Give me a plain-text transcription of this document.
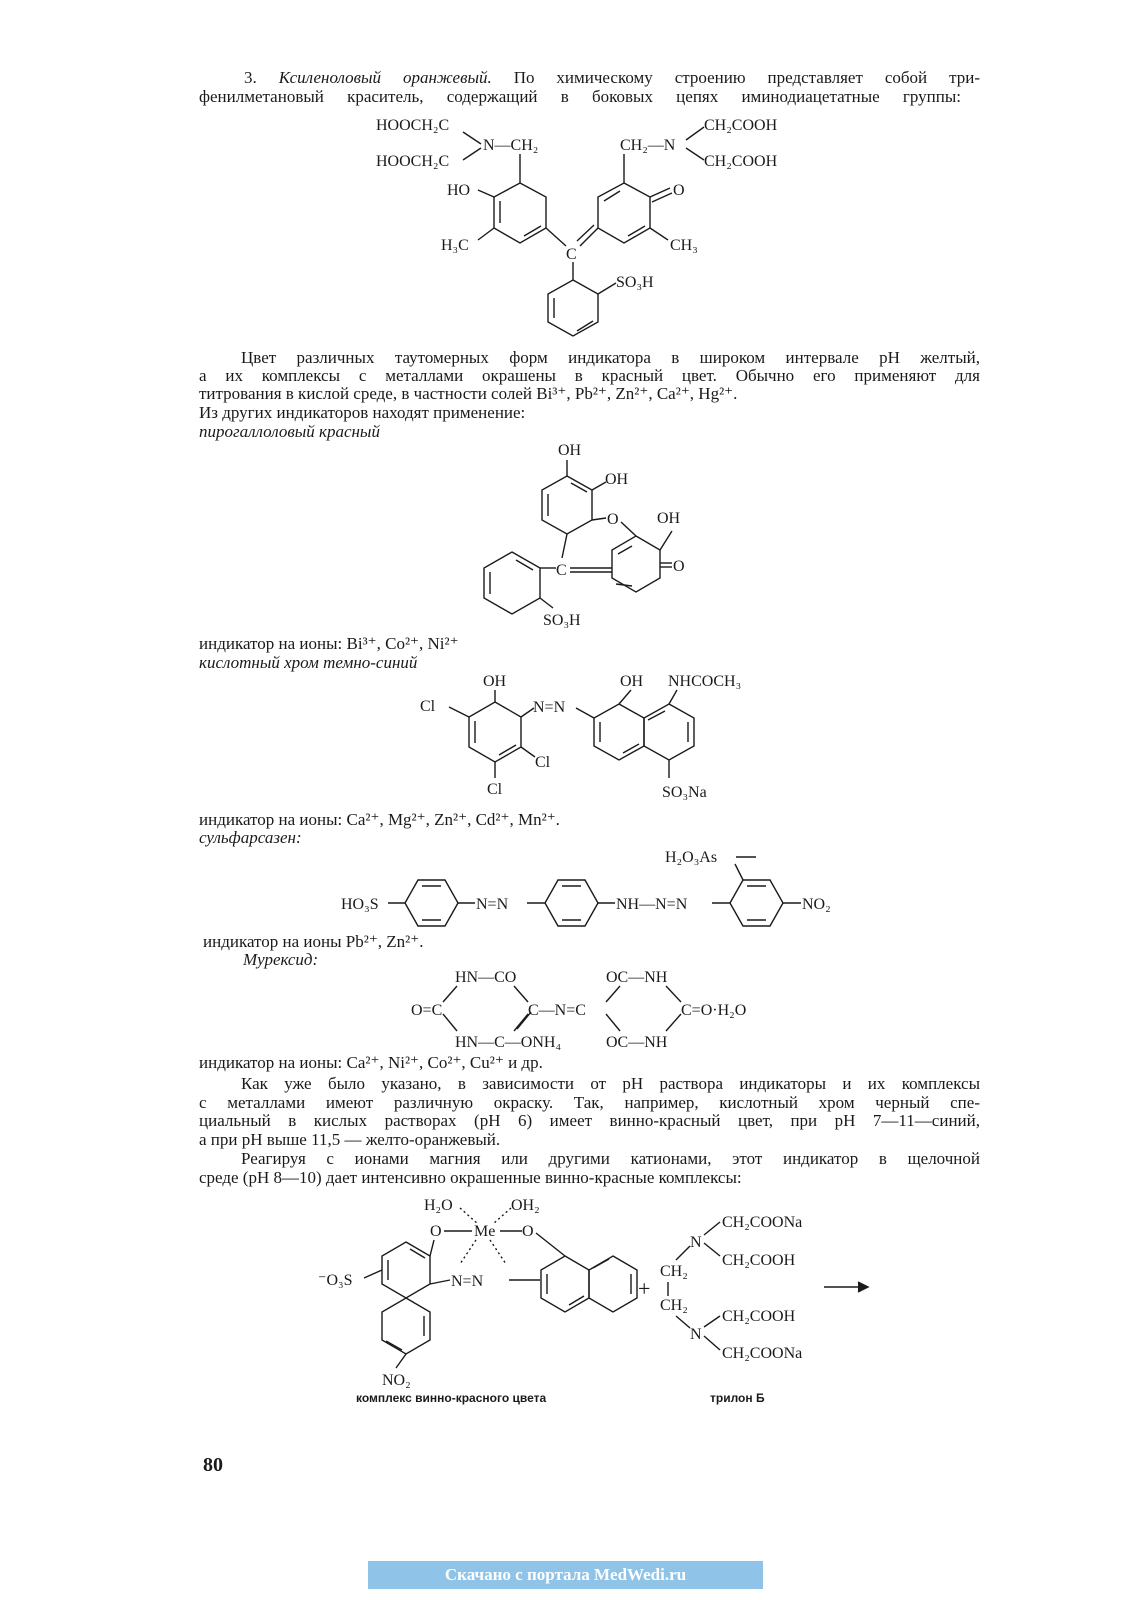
3. Ксиленоловый оранжевый. По химическому строению представляет собой три-
фенилметановый краситель, содержащий в боковых цепях иминодиацетатные группы:
HOOCH₂C
HOOCH₂C
N—CH₂
HO
H₃C
C
O
CH₃
CH₂—N
CH₂COOH
CH₂COOH
SO₃H
Цвет различных таутомерных форм индикатора в широком интервале pH желтый,
а их комплексы с металлами окрашены в красный цвет. Обычно его применяют для
титрования в кислой среде, в частности солей Bi³⁺, Pb²⁺, Zn²⁺, Ca²⁺, Hg²⁺.
Из других индикаторов находят применение:
пирогаллоловый красный
OH
OH
O OH
O
C
SO₃H
индикатор на ионы: Bi³⁺, Co²⁺, Ni²⁺
кислотный хром темно-синий
OH
Cl
Cl
Cl
N=N
OH NHCOCH₃
SO₃Na
индикатор на ионы: Ca²⁺, Mg²⁺, Zn²⁺, Cd²⁺, Mn²⁺.
сульфарсазен:
H₂O₃As
HO₃S	N=N	NH—N=N	NO₂
индикатор на ионы Pb²⁺, Zn²⁺.
Мурексид:
HN—CO	OC—NH
O=C	C—N=C	C=O·H₂O
HN—C—ONH₄	OC—NH
индикатор на ионы: Ca²⁺, Ni²⁺, Co²⁺, Cu²⁺ и др.
Как уже было указано, в зависимости от pH раствора индикаторы и их комплексы
с металлами имеют различную окраску. Так, например, кислотный хром черный спе-
циальный в кислых растворах (pH 6) имеет винно-красный цвет, при pH 7—11—синий,
а при pH выше 11,5 — желто-оранжевый.
Реагируя с ионами магния или другими катионами, этот индикатор в щелочной
среде (pH 8—10) дает интенсивно окрашенные винно-красные комплексы:
H₂O	OH₂
O Me O
⁻O₃S	N=N
NO₂
+
N
CH₂COONa
CH₂COOH
CH₂
CH₂
N
CH₂COOH
CH₂COONa
комплекс винно-красного цвета	трилон Б
80
Скачано с портала MedWedi.ru
